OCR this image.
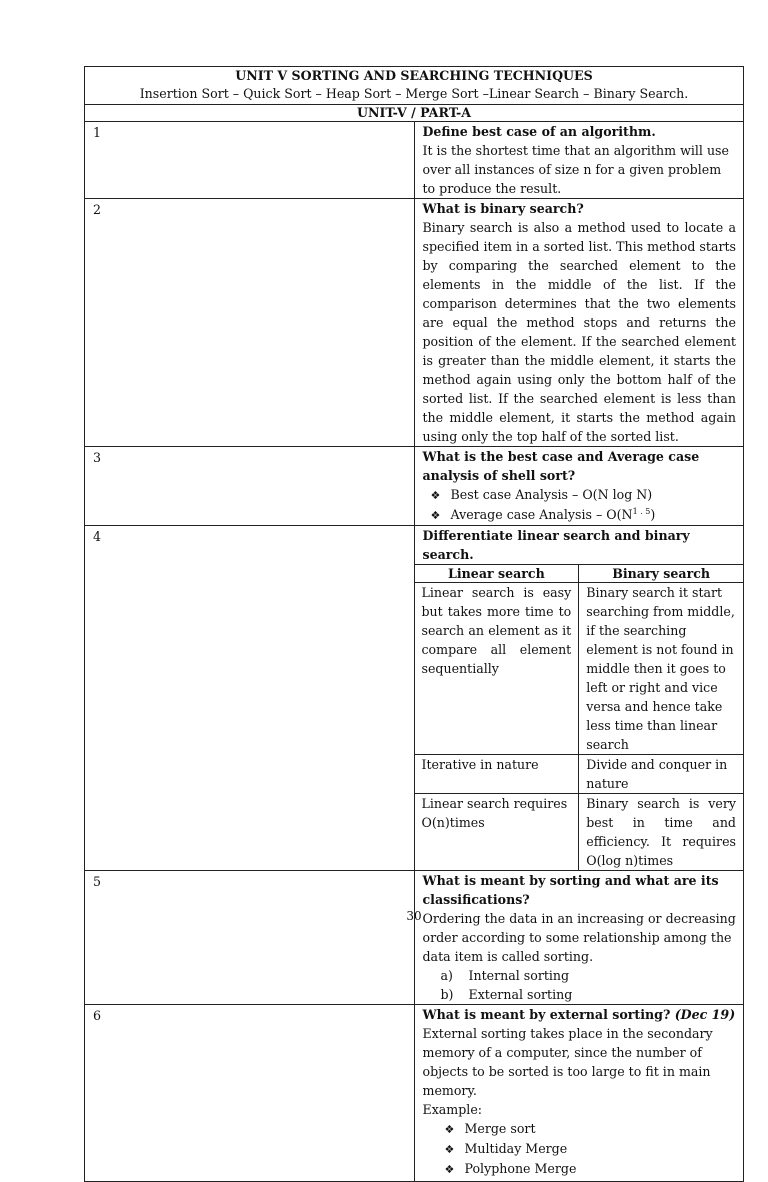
UNIT V SORTING AND SEARCHING TECHNIQUES
Insertion Sort – Quick Sort – Heap Sort – Merge Sort –Linear Search – Binary Search.

UNIT-V / PART-A

1	Define best case of an algorithm.
It is the shortest time that an algorithm will use over all instances of size n for a given problem to produce the result.

2	What is binary search?
Binary search is also a method used to locate a specified item in a sorted list. This method starts by comparing the searched element to the elements in the middle of the list. If the comparison determines that the two elements are equal the method stops and returns the position of the element. If the searched element is greater than the middle element, it starts the method again using only the bottom half of the sorted list. If the searched element is less than the middle element, it starts the method again using only the top half of the sorted list.

3	What is the best case and Average case analysis of shell sort?
❖ Best case Analysis – O(N log N)
❖ Average case Analysis – $O(N^{1 . 5})$

4	Differentiate linear search and binary search.
Linear search	Binary search
Linear search is easy but takes more time to search an element as it compare all element sequentially	Binary search it start searching from middle, if the searching element is not found in middle then it goes to left or right and vice versa and hence take less time than linear search
Iterative in nature	Divide and conquer in nature
Linear search requires O(n)times	Binary search is very best in time and efficiency. It requires O(log n)times

5	What is meant by sorting and what are its classifications?
Ordering the data in an increasing or decreasing order according to some relationship among the data item is called sorting.
a) Internal sorting
b) External sorting

6	What is meant by external sorting? (Dec 19)
External sorting takes place in the secondary memory of a computer, since the number of objects to be sorted is too large to fit in main memory.
Example:
❖ Merge sort
❖ Multiday Merge
❖ Polyphone Merge
30
